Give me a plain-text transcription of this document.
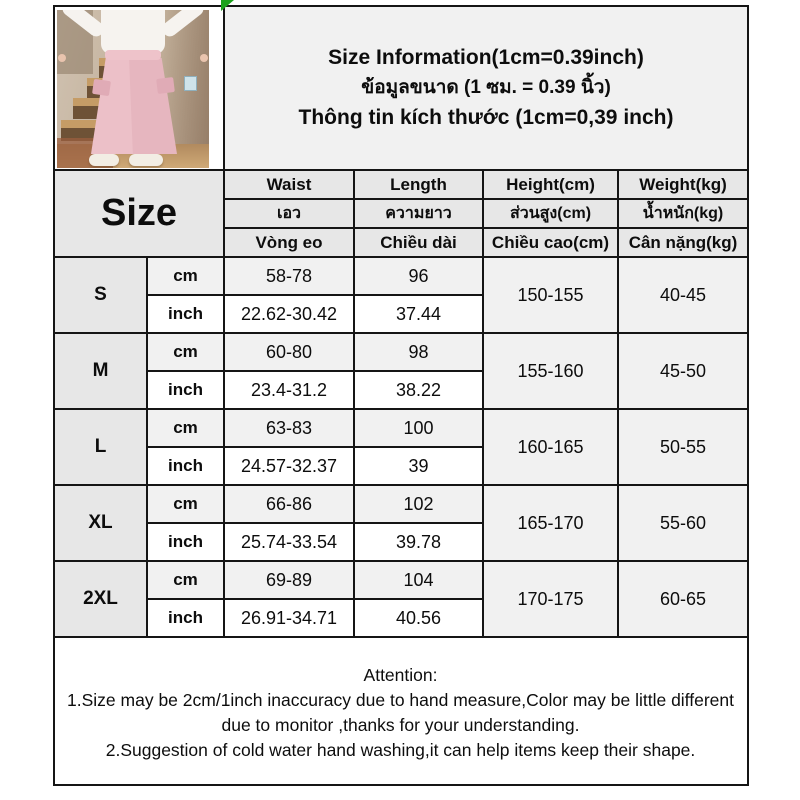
		Size Information(1cm=0.39inch)
ข้อมูลขนาด (1 ซม. = 0.39 นิ้ว)
Thông tin kích thước (1cm=0,39 inch)			

Size		Waist	Length	Height(cm)	Weight(kg)
		เอว	ความยาว	ส่วนสูง(cm)	น้ำหนัก(kg)
		Vòng eo	Chiều dài	Chiều cao(cm)	Cân nặng(kg)
S	cm	58-78	96	150-155	40-45
	inch	22.62-30.42	37.44		
M	cm	60-80	98	155-160	45-50
	inch	23.4-31.2	38.22		
L	cm	63-83	100	160-165	50-55
	inch	24.57-32.37	39		
XL	cm	66-86	102	165-170	55-60
	inch	25.74-33.54	39.78		
2XL	cm	69-89	104	170-175	60-65
	inch	26.91-34.71	40.56		

Attention:
1.Size may be 2cm/1inch inaccuracy due to hand measure,Color may be little different due to monitor ,thanks for your understanding.
2.Suggestion of cold water hand washing,it can help items keep their shape.					
